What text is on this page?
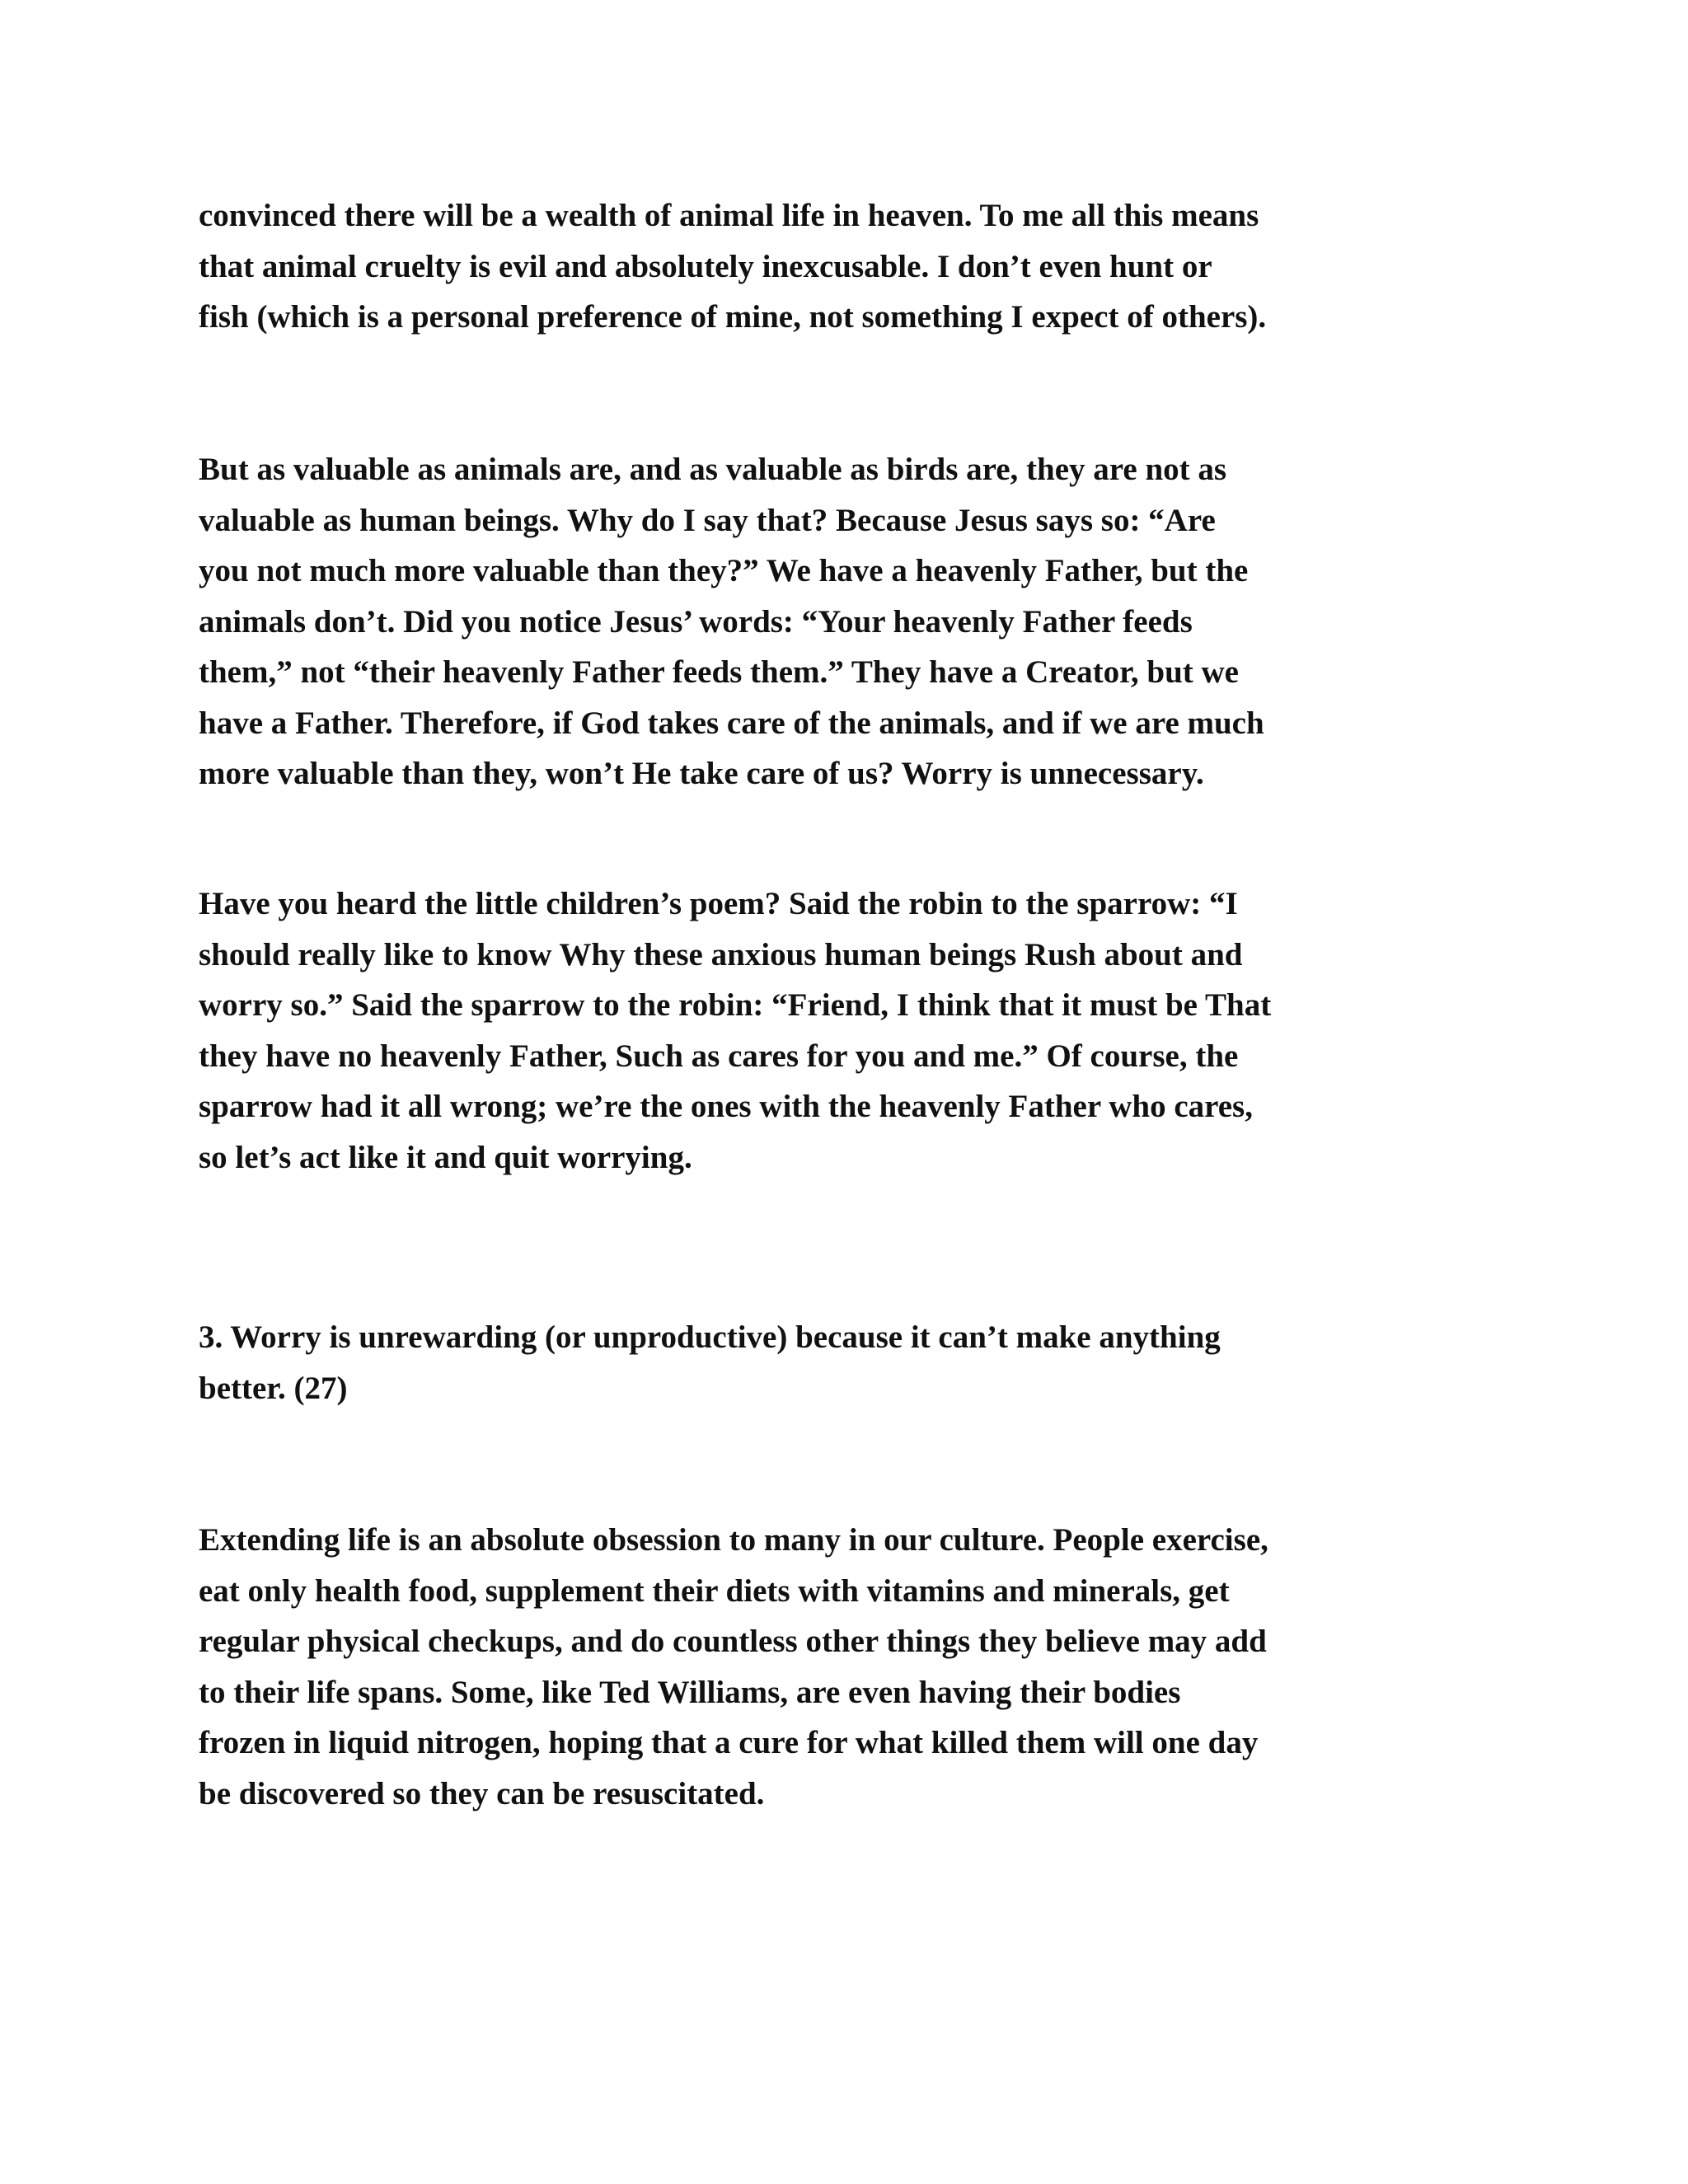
convinced there will be a wealth of animal life in heaven. To me all this means
that animal cruelty is evil and absolutely inexcusable. I don’t even hunt or
fish (which is a personal preference of mine, not something I expect of others).

But as valuable as animals are, and as valuable as birds are, they are not as
valuable as human beings. Why do I say that? Because Jesus says so: “Are
you not much more valuable than they?” We have a heavenly Father, but the
animals don’t. Did you notice Jesus’ words: “Your heavenly Father feeds
them,” not “their heavenly Father feeds them.” They have a Creator, but we
have a Father. Therefore, if God takes care of the animals, and if we are much
more valuable than they, won’t He take care of us? Worry is unnecessary.

Have you heard the little children’s poem? Said the robin to the sparrow: “I
should really like to know Why these anxious human beings Rush about and
worry so.” Said the sparrow to the robin: “Friend, I think that it must be That
they have no heavenly Father, Such as cares for you and me.” Of course, the
sparrow had it all wrong; we’re the ones with the heavenly Father who cares,
so let’s act like it and quit worrying.

3. Worry is unrewarding (or unproductive) because it can’t make anything
better. (27)

Extending life is an absolute obsession to many in our culture. People exercise,
eat only health food, supplement their diets with vitamins and minerals, get
regular physical checkups, and do countless other things they believe may add
to their life spans. Some, like Ted Williams, are even having their bodies
frozen in liquid nitrogen, hoping that a cure for what killed them will one day
be discovered so they can be resuscitated.
